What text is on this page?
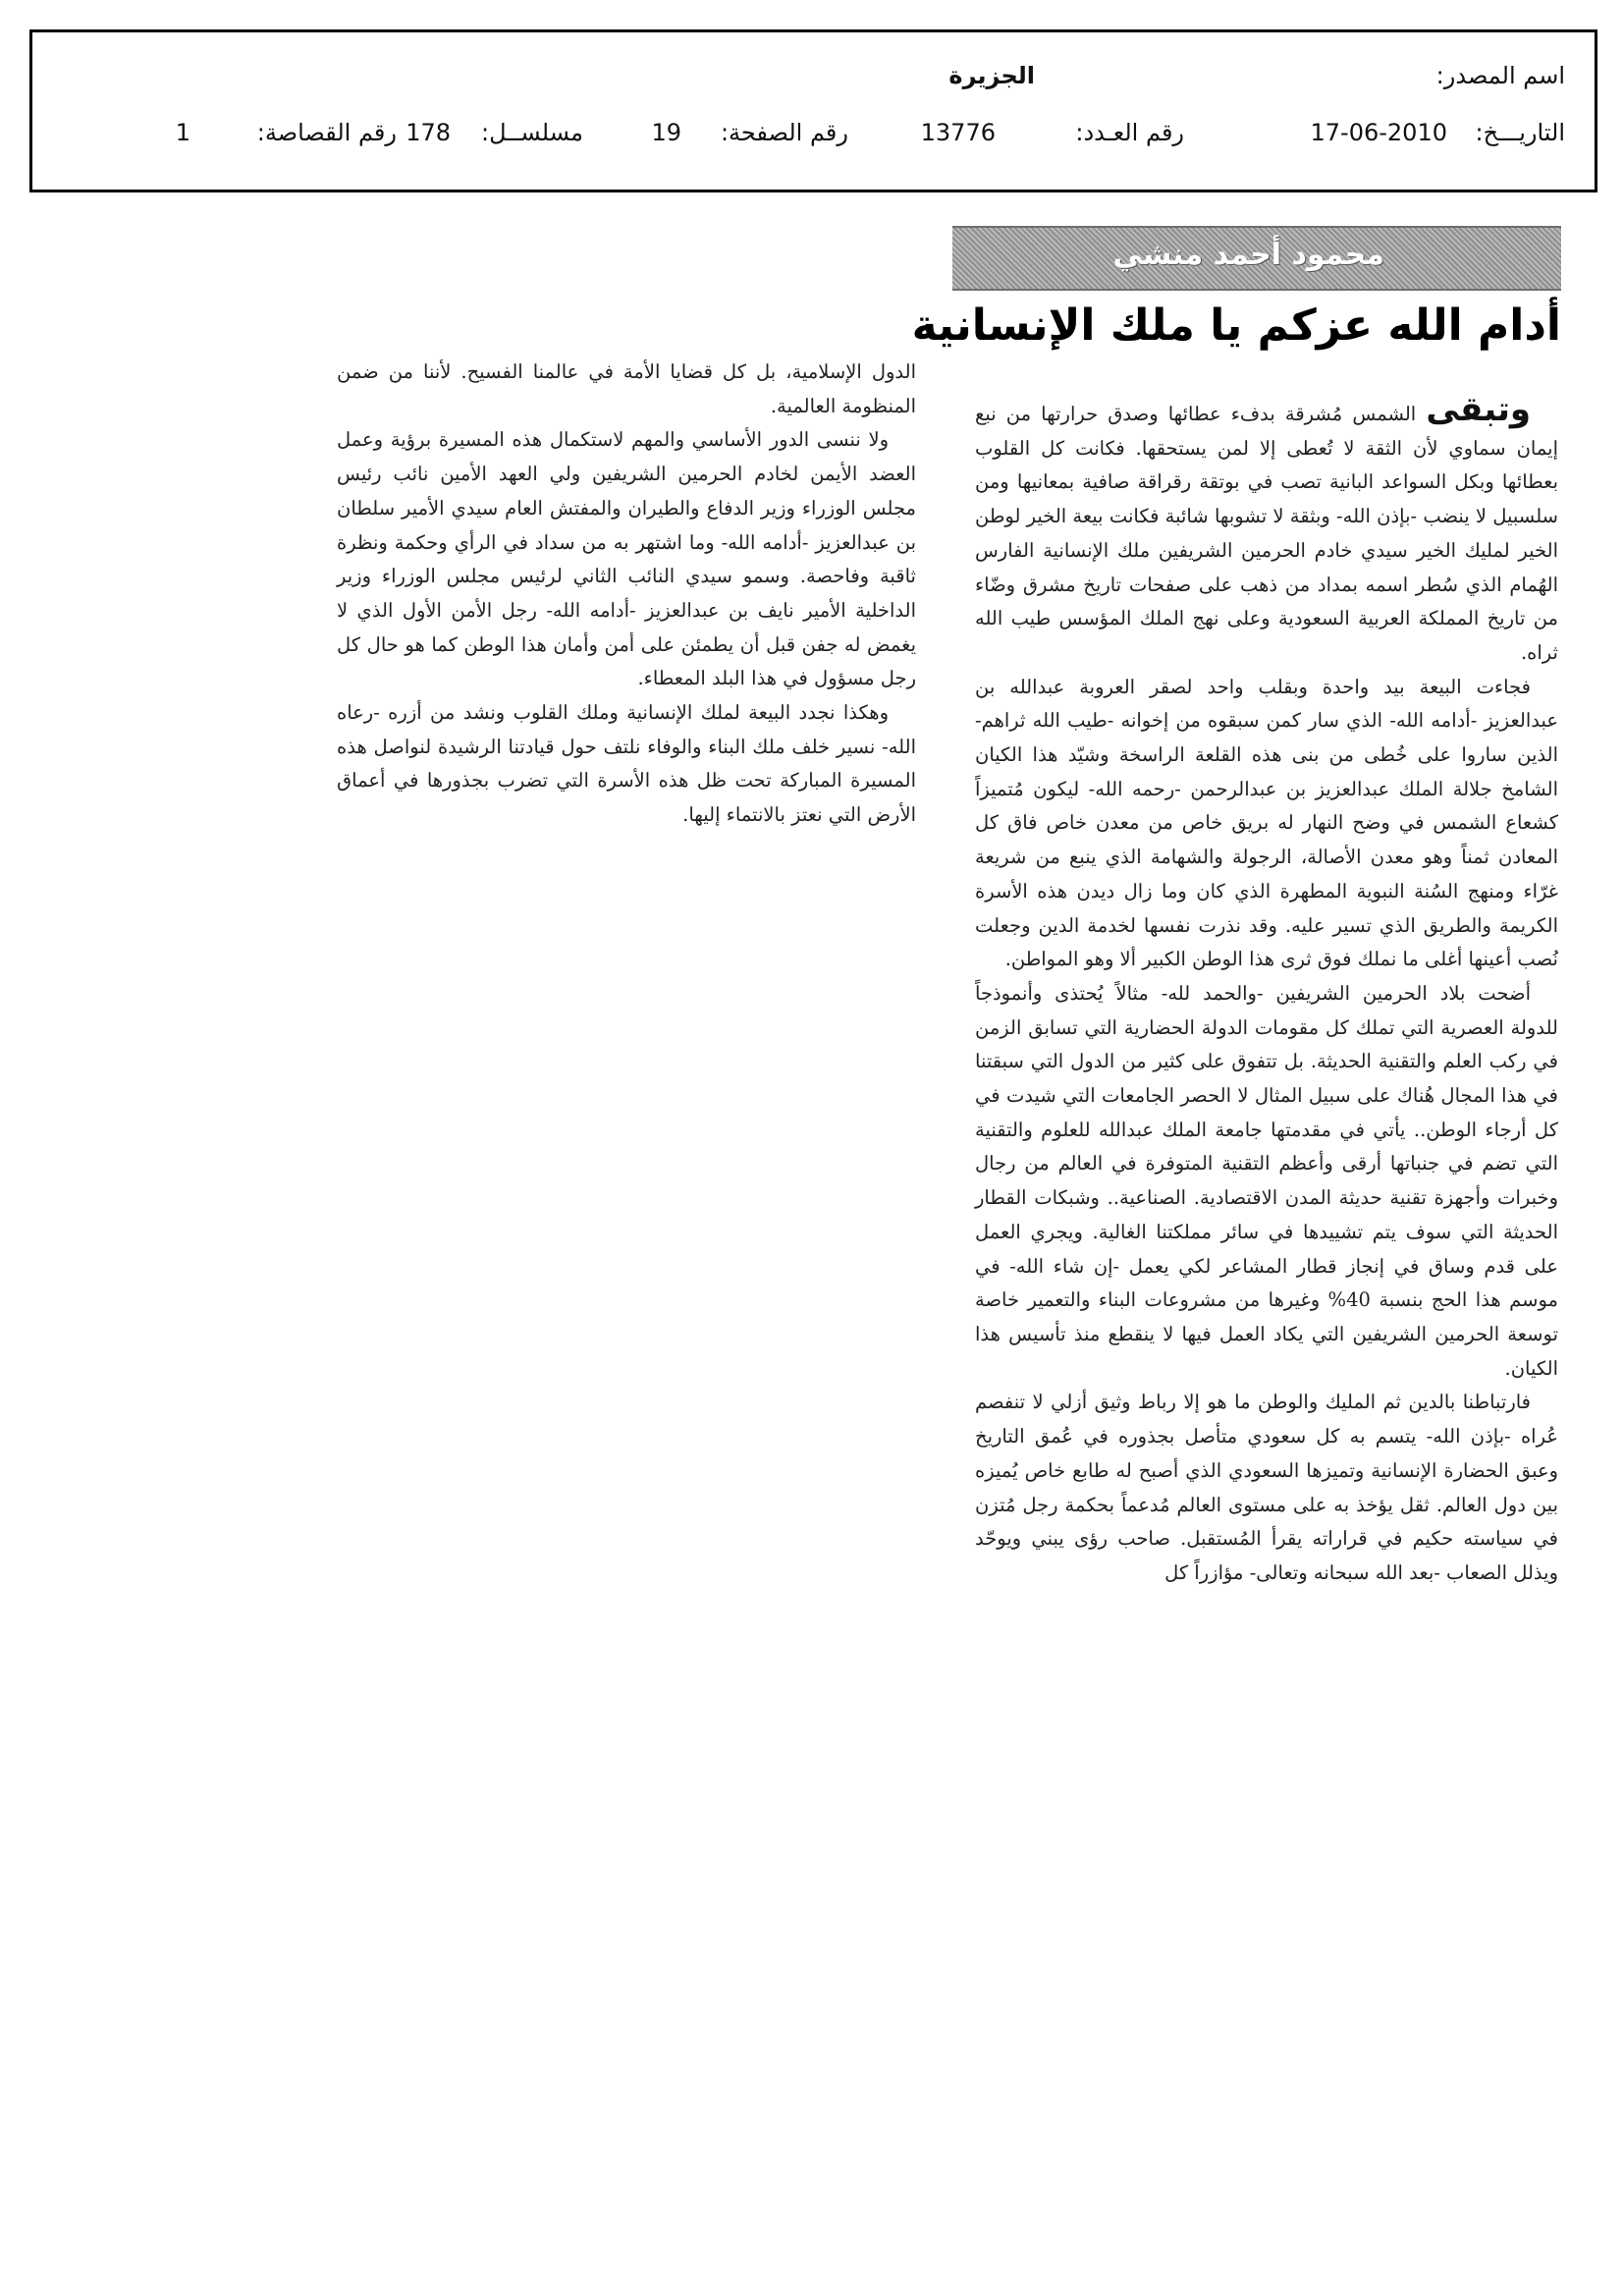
اسم المصدر:
الجزيرة
التاريـــخ:
17-06-2010
رقم العـدد:
13776
رقم الصفحة:
19
مسلســل:
178
رقم القصاصة:
1
محمود أحمد منشي
أدام الله عزكم يا ملك الإنسانية

وتبقى الشمس مُشرقة بدفء عطائها وصدق حرارتها من نبع إيمان سماوي لأن الثقة لا تُعطى إلا لمن يستحقها. فكانت كل القلوب بعطائها وبكل السواعد البانية تصب في بوتقة رقراقة صافية بمعانيها ومن سلسبيل لا ينضب -بإذن الله- وبثقة لا تشوبها شائبة فكانت بيعة الخير لوطن الخير لمليك الخير سيدي خادم الحرمين الشريفين ملك الإنسانية الفارس الهُمام الذي سُطر اسمه بمداد من ذهب على صفحات تاريخ مشرق وضّاء من تاريخ المملكة العربية السعودية وعلى نهج الملك المؤسس طيب الله ثراه.

فجاءت البيعة بيد واحدة وبقلب واحد لصقر العروبة عبدالله بن عبدالعزيز -أدامه الله- الذي سار كمن سبقوه من إخوانه -طيب الله ثراهم- الذين ساروا على خُطى من بنى هذه القلعة الراسخة وشيّد هذا الكيان الشامخ جلالة الملك عبدالعزيز بن عبدالرحمن -رحمه الله- ليكون مُتميزاً كشعاع الشمس في وضح النهار له بريق خاص من معدن خاص فاق كل المعادن ثمناً وهو معدن الأصالة، الرجولة والشهامة الذي ينبع من شريعة غرّاء ومنهج السُنة النبوية المطهرة الذي كان وما زال ديدن هذه الأسرة الكريمة والطريق الذي تسير عليه. وقد نذرت نفسها لخدمة الدين وجعلت نُصب أعينها أغلى ما نملك فوق ثرى هذا الوطن الكبير ألا وهو المواطن.

أضحت بلاد الحرمين الشريفين -والحمد لله- مثالاً يُحتذى وأنموذجاً للدولة العصرية التي تملك كل مقومات الدولة الحضارية التي تسابق الزمن في ركب العلم والتقنية الحديثة. بل تتفوق على كثير من الدول التي سبقتنا في هذا المجال هُناك على سبيل المثال لا الحصر الجامعات التي شيدت في كل أرجاء الوطن.. يأتي في مقدمتها جامعة الملك عبدالله للعلوم والتقنية التي تضم في جنباتها أرقى وأعظم التقنية المتوفرة في العالم من رجال وخبرات وأجهزة تقنية حديثة المدن الاقتصادية. الصناعية.. وشبكات القطار الحديثة التي سوف يتم تشييدها في سائر مملكتنا الغالية. ويجري العمل على قدم وساق في إنجاز قطار المشاعر لكي يعمل -إن شاء الله- في موسم هذا الحج بنسبة 40% وغيرها من مشروعات البناء والتعمير خاصة توسعة الحرمين الشريفين التي يكاد العمل فيها لا ينقطع منذ تأسيس هذا الكيان.

فارتباطنا بالدين ثم المليك والوطن ما هو إلا رباط وثيق أزلي لا تنفصم عُراه -بإذن الله- يتسم به كل سعودي متأصل بجذوره في عُمق التاريخ وعبق الحضارة الإنسانية وتميزها السعودي الذي أصبح له طابع خاص يُميزه بين دول العالم. ثقل يؤخذ به على مستوى العالم مُدعماً بحكمة رجل مُتزن في سياسته حكيم في قراراته يقرأ المُستقبل. صاحب رؤى يبني ويوحّد ويذلل الصعاب -بعد الله سبحانه وتعالى- مؤازراً كل

الدول الإسلامية، بل كل قضايا الأمة في عالمنا الفسيح. لأننا من ضمن المنظومة العالمية.

ولا ننسى الدور الأساسي والمهم لاستكمال هذه المسيرة برؤية وعمل العضد الأيمن لخادم الحرمين الشريفين ولي العهد الأمين نائب رئيس مجلس الوزراء وزير الدفاع والطيران والمفتش العام سيدي الأمير سلطان بن عبدالعزيز -أدامه الله- وما اشتهر به من سداد في الرأي وحكمة ونظرة ثاقبة وفاحصة. وسمو سيدي النائب الثاني لرئيس مجلس الوزراء وزير الداخلية الأمير نايف بن عبدالعزيز -أدامه الله- رجل الأمن الأول الذي لا يغمض له جفن قبل أن يطمئن على أمن وأمان هذا الوطن كما هو حال كل رجل مسؤول في هذا البلد المعطاء.

وهكذا نجدد البيعة لملك الإنسانية وملك القلوب ونشد من أزره -رعاه الله- نسير خلف ملك البناء والوفاء نلتف حول قيادتنا الرشيدة لنواصل هذه المسيرة المباركة تحت ظل هذه الأسرة التي تضرب بجذورها في أعماق الأرض التي نعتز بالانتماء إليها.
